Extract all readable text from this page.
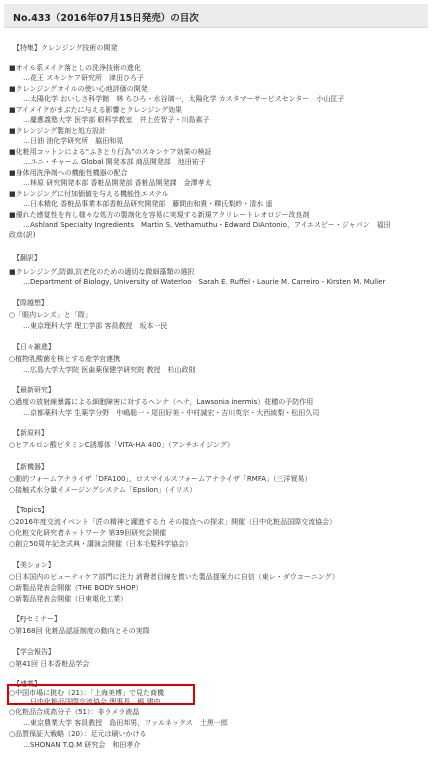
No.433（2016年07月15日発売）の目次
【特集】クレンジング技術の開発
■オイル系メイク落としの洗浄技術の進化
…花王 スキンケア研究所　津田ひろ子
■クレンジングオイルの使い心地評価の開発
…太陽化学 おいしさ科学館　林 ちひろ・水谷璃一，太陽化学 カスタマーサービスセンター　小山匡子
■アイメイクがまぶたに与える影響とクレンジング効果
…慶應義塾大学 医学部 眼科学教室　井上佐智子・川島素子
■クレンジング製剤と処方設計
…日油 油化学研究所　脇田和晃
■化粧用コットンによる“ふきとり行為”のスキンケア効果の検証
…ユニ・チャーム Global 開発本部 商品開発部　池田祐子
■身体用洗浄剤への機能性機器の配合
…林原 研究開発本部 香粧品開発部 香粧品開発課　金澤孝太
■クレンジングに付加価値を与える機能性エステル
…日本精化 香粧品事業本部香粧品研究開発部　藤間由和貴・釋氏梨紗・清水 遥
■優れた感覚性を有し様々な処方の製剤化を容易に実現する新規アクリレートレオロジー改良剤
…Ashland Specialty Ingredients　Martin S. Vethamuthu・Edward DiAntonio，アイエスピー・ジャパン　福田
政彦(訳)
【翻訳】
■クレンジング,防御,抗老化のための適切な微細藻類の選択
…Department of Biology, University of Waterloo　Sarah E. Ruffel・Laurie M. Carreiro・Kirsten M. Muller
【際越想】
○「眼内レンズ」と「際」
…東京理科大学 理工学部 客員教授　坂本一民
【日々雑進】
○植物乳酸菌を核とする産学官連携
…広島大学大学院 医歯薬保健学研究院 教授　杉山政則
【最新研究】
○過度の放射線暴露による細胞障害に対するヘンナ（ヘナ，Lawsonia inermis）花穂の予防作用
…京都薬科大学 生薬学分野　中嶋聡一・尾田好美・中村誠宏・吉川英宗・大西綾梨・松田久司
【新原料】
○ヒアルロン酸ビタミンC誘導体「VITA-HA 400」（アンチエイジング）
【新機器】
○動的フォームアナライザ「DFA100」，ロスマイルスフォームアナライザ「RMFA」（三洋貿易）
○接触式水分量イメージングシステム「Epsilon」（イリス）
【Topics】
○2016年度交流イベント「匠の精神と躍進する力 その接点への探求」開催（日中化粧品国際交流協会）
○化粧文化研究者ネットワーク 第39回研究会開催
○創立50周年記念式典・講演会開催（日本毛髪科学協会）
【美ション】
○日本国内のビューティケア部門に注力 消費者目線を貫いた製品提案力に自信（東レ・ダウコーニング）
○新製品発表会開催（THE BODY SHOP）
○新製品発表会開催（日東電化工業）
【FJセミナー】
○第168回 化粧品認証制度の動向とその実際
【学会報告】
○第41回 日本香粧品学会
【連載】
○中国市場に挑む（21）：「上海美博」で見た商機
…日中化粧品国際交流協会 理事長　楊 建中
○化粧品合成高分子（51）：非ラメラ液晶
…東京農業大学 客員教授　島田邦男，ファルネックス　土黒一郎
○品質保証大戦略（20）：足元は刷いかける
…SHONAN T.Q.M 研究会　和田孝介
